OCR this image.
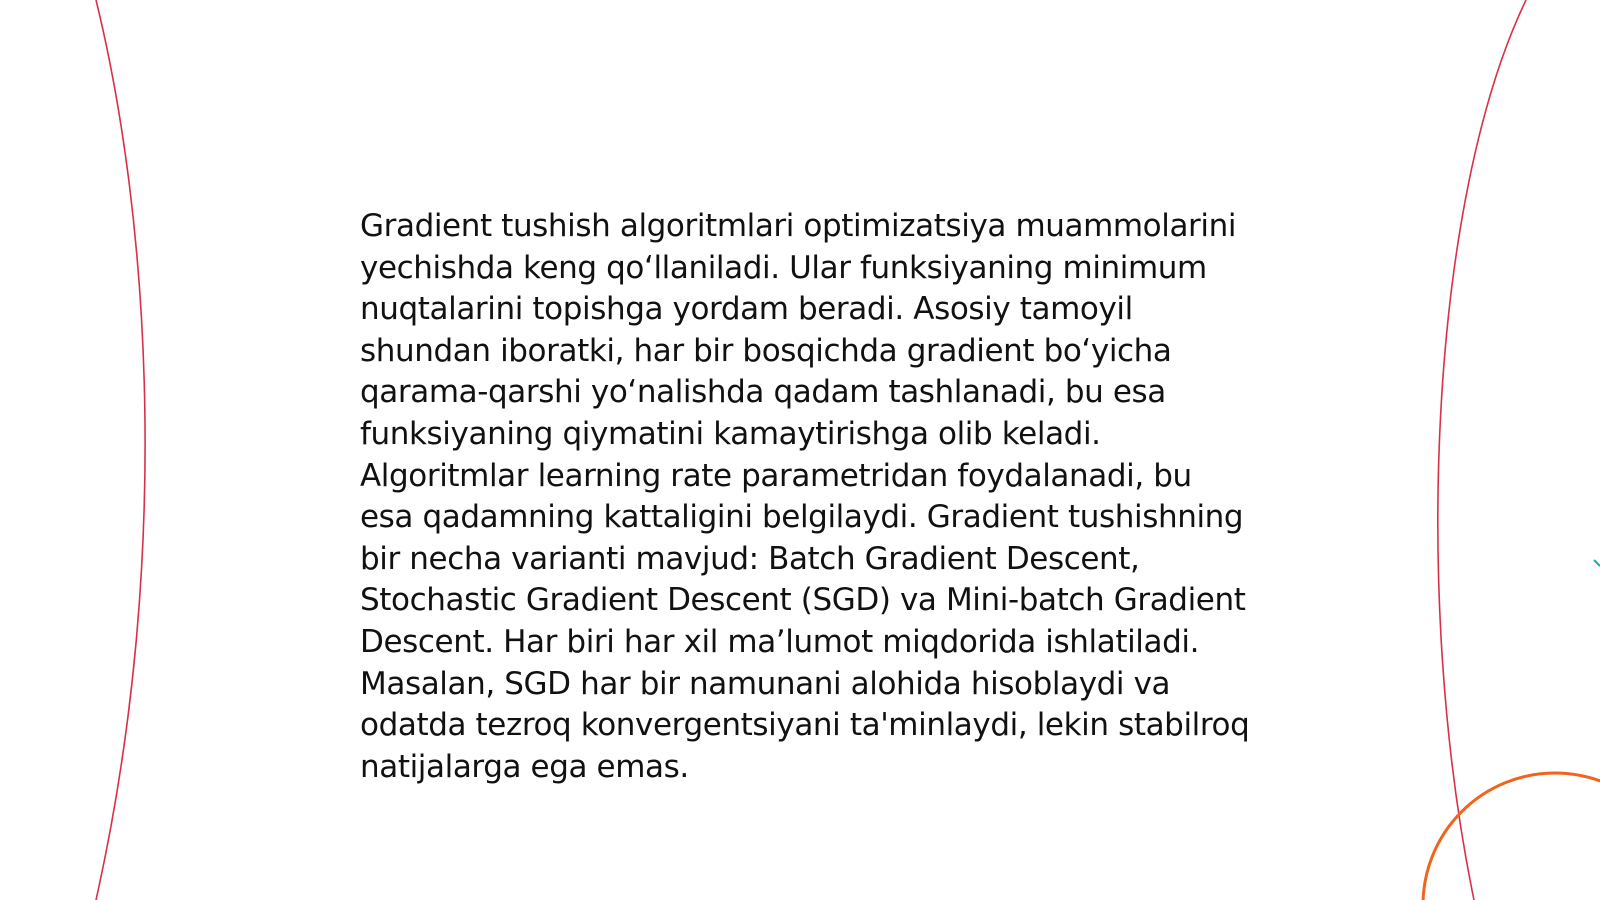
Gradient tushish algoritmlari optimizatsiya muammolarini yechishda keng qo‘llaniladi. Ular funksiyaning minimum nuqtalarini topishga yordam beradi. Asosiy tamoyil shundan iboratki, har bir bosqichda gradient bo‘yicha qarama-qarshi yo‘nalishda qadam tashlanadi, bu esa funksiyaning qiymatini kamaytirishga olib keladi. Algoritmlar learning rate parametridan foydalanadi, bu esa qadamning kattaligini belgilaydi. Gradient tushishning bir necha varianti mavjud: Batch Gradient Descent, Stochastic Gradient Descent (SGD) va Mini-batch Gradient Descent. Har biri har xil ma’lumot miqdorida ishlatiladi. Masalan, SGD har bir namunani alohida hisoblaydi va odatda tezroq konvergentsiyani ta'minlaydi, lekin stabilroq natijalarga ega emas.
